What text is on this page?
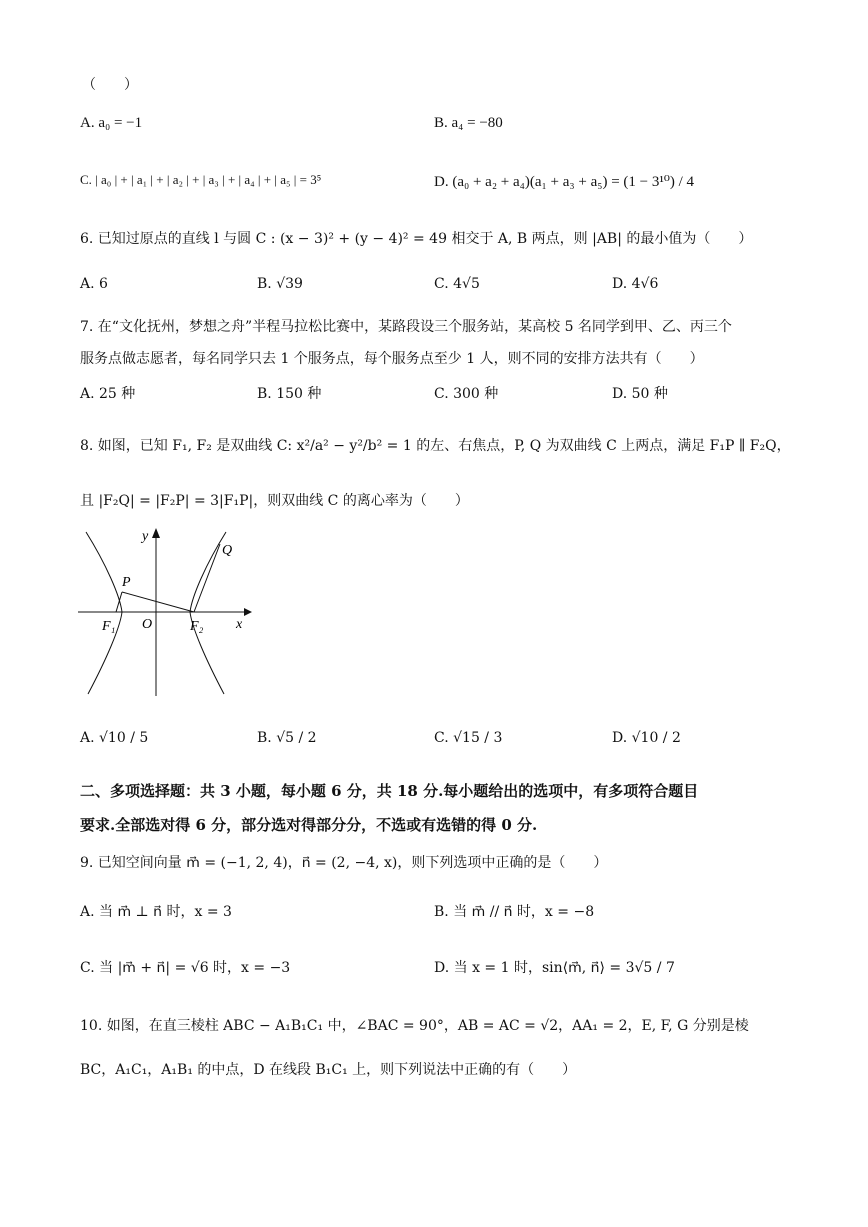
（　　）
A. a₀ = −1	B. a₄ = −80
C. | a₀ | + | a₁ | + | a₂ | + | a₃ | + | a₄ | + | a₅ | = 3⁵	D. (a₀ + a₂ + a₄)(a₁ + a₃ + a₅) = (1 − 3¹⁰) / 4
6. 已知过原点的直线 l 与圆 C : (x − 3)² + (y − 4)² = 49 相交于 A, B 两点，则 |AB| 的最小值为（　　）
A. 6	B. √39	C. 4√5	D. 4√6
7. 在“文化抚州，梦想之舟”半程马拉松比赛中，某路段设三个服务站，某高校 5 名同学到甲、乙、丙三个
服务点做志愿者，每名同学只去 1 个服务点，每个服务点至少 1 人，则不同的安排方法共有（　　）
A. 25 种	B. 150 种	C. 300 种	D. 50 种
8. 如图，已知 F₁, F₂ 是双曲线 C: x²/a² − y²/b² = 1 的左、右焦点，P, Q 为双曲线 C 上两点，满足 F₁P ∥ F₂Q，
且 |F₂Q| = |F₂P| = 3|F₁P|，则双曲线 C 的离心率为（　　）
y
x
O
P
Q
F₁	F₂
A. √10 / 5	B. √5 / 2	C. √15 / 3	D. √10 / 2
二、多项选择题：共 3 小题，每小题 6 分，共 18 分.每小题给出的选项中，有多项符合题目
要求.全部选对得 6 分，部分选对得部分分，不选或有选错的得 0 分.
9. 已知空间向量 m⃗ = (−1, 2, 4)，n⃗ = (2, −4, x)，则下列选项中正确的是（　　）
A. 当 m⃗ ⊥ n⃗ 时，x = 3	B. 当 m⃗ // n⃗ 时，x = −8
C. 当 |m⃗ + n⃗| = √6 时，x = −3	D. 当 x = 1 时，sin⟨m⃗, n⃗⟩ = 3√5 / 7
10. 如图，在直三棱柱 ABC − A₁B₁C₁ 中，∠BAC = 90°，AB = AC = √2，AA₁ = 2，E, F, G 分别是棱
BC，A₁C₁，A₁B₁ 的中点，D 在线段 B₁C₁ 上，则下列说法中正确的有（　　）
